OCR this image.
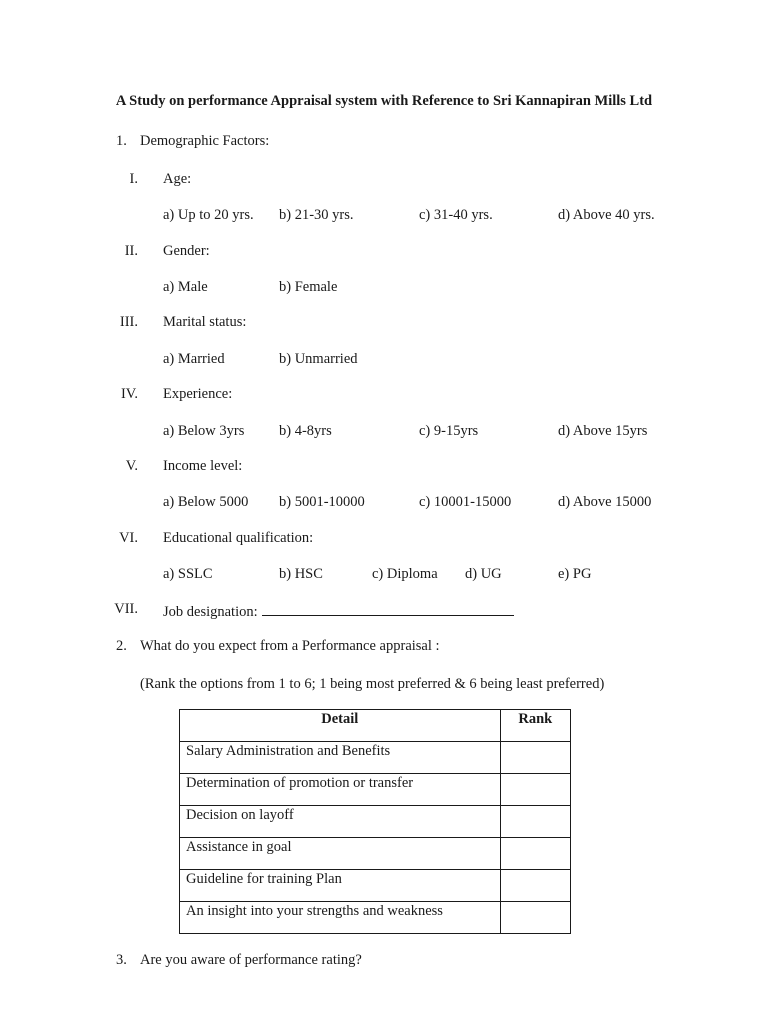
A Study on performance Appraisal system with Reference to Sri Kannapiran Mills Ltd
1. Demographic Factors:
I. Age:
a) Up to 20 yrs. b) 21-30 yrs.	c) 31-40 yrs.	d) Above 40 yrs.
II. Gender:
a) Male	b) Female
III. Marital status:
a) Married	b) Unmarried
IV. Experience:
a) Below 3yrs b) 4-8yrs	c) 9-15yrs	d) Above 15yrs
V. Income level:
a) Below 5000 b) 5001-10000	c) 10001-15000	d) Above 15000
VI. Educational qualification:
a) SSLC	b) HSC	c) Diploma d) UG	e) PG
VII. Job designation:
2. What do you expect from a Performance appraisal :
(Rank the options from 1 to 6; 1 being most preferred & 6 being least preferred)
Detail	Rank
Salary Administration and Benefits	
Determination of promotion or transfer	
Decision on layoff	
Assistance in goal	
Guideline for training Plan	
An insight into your strengths and weakness	
3. Are you aware of performance rating?
